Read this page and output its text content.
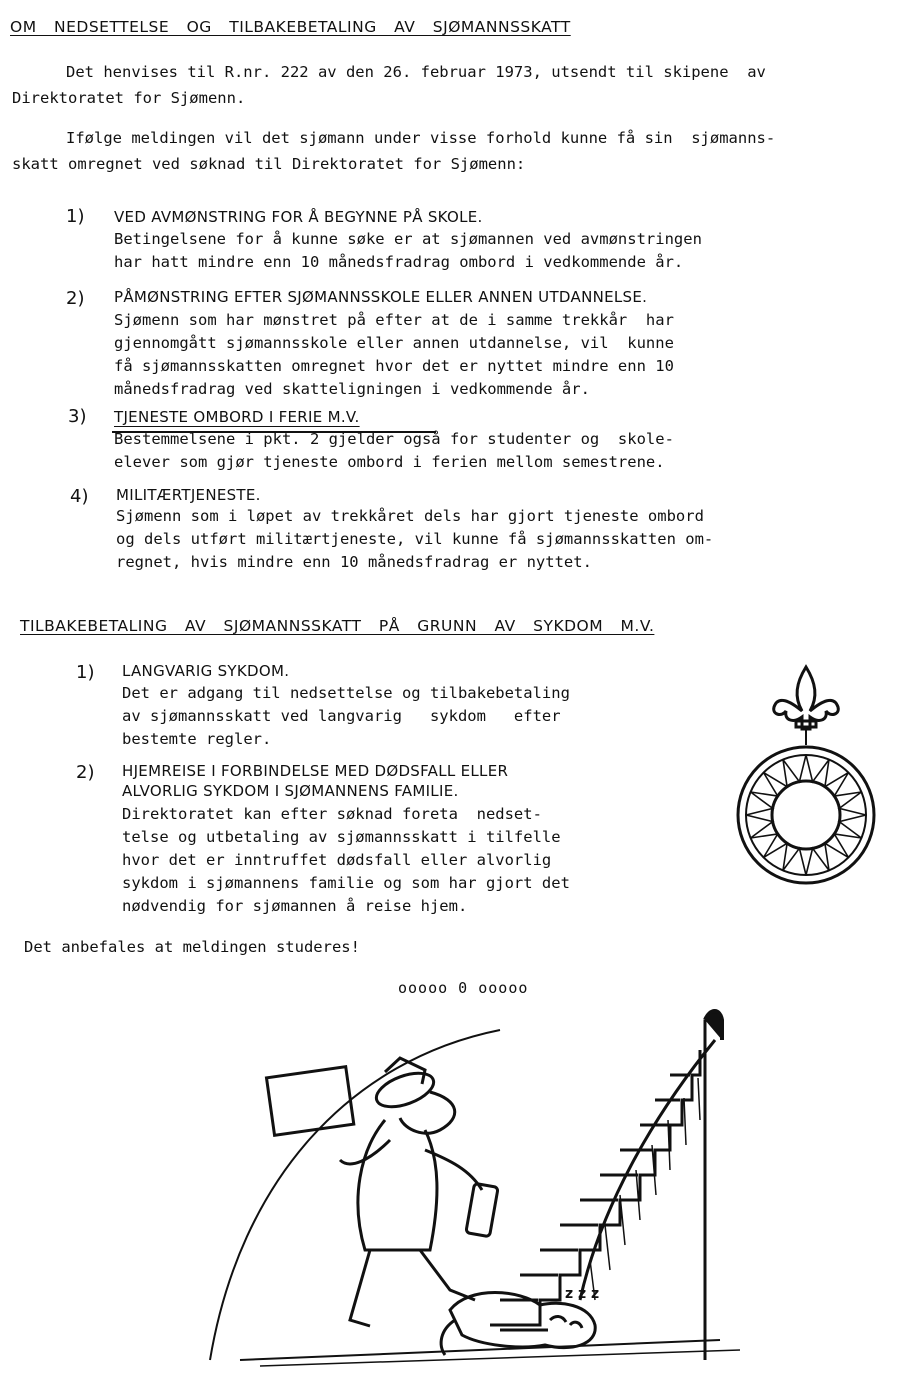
OM NEDSETTELSE OG TILBAKEBETALING AV SJØMANNSSKATT
Det henvises til R.nr. 222 av den 26. februar 1973, utsendt til skipene  av
Direktoratet for Sjømenn.
Ifølge meldingen vil det sjømann under visse forhold kunne få sin  sjømanns-
skatt omregnet ved søknad til Direktoratet for Sjømenn:
1) VED AVMØNSTRING FOR Å BEGYNNE PÅ SKOLE.
Betingelsene for å kunne søke er at sjømannen ved avmønstringen
har hatt mindre enn 10 månedsfradrag ombord i vedkommende år.
2) PÅMØNSTRING EFTER SJØMANNSSKOLE ELLER ANNEN UTDANNELSE.
Sjømenn som har mønstret på efter at de i samme trekkår  har
gjennomgått sjømannsskole eller annen utdannelse, vil  kunne
få sjømannsskatten omregnet hvor det er nyttet mindre enn 10
månedsfradrag ved skatteligningen i vedkommende år.
3) TJENESTE OMBORD I FERIE M.V.
Bestemmelsene i pkt. 2 gjelder også for studenter og  skole-
elever som gjør tjeneste ombord i ferien mellom semestrene.
4) MILITÆRTJENESTE.
Sjømenn som i løpet av trekkåret dels har gjort tjeneste ombord
og dels utført militærtjeneste, vil kunne få sjømannsskatten om-
regnet, hvis mindre enn 10 månedsfradrag er nyttet.
TILBAKEBETALING AV SJØMANNSSKATT PÅ GRUNN AV SYKDOM M.V.
1) LANGVARIG SYKDOM.
Det er adgang til nedsettelse og tilbakebetaling
av sjømannsskatt ved langvarig   sykdom   efter
bestemte regler.
2) HJEMREISE I FORBINDELSE MED DØDSFALL ELLER
ALVORLIG SYKDOM I SJØMANNENS FAMILIE.
Direktoratet kan efter søknad foreta  nedset-
telse og utbetaling av sjømannsskatt i tilfelle
hvor det er inntruffet dødsfall eller alvorlig
sykdom i sjømannens familie og som har gjort det
nødvendig for sjømannen å reise hjem.
Det anbefales at meldingen studeres!
ooooo 0 ooooo
z z z
